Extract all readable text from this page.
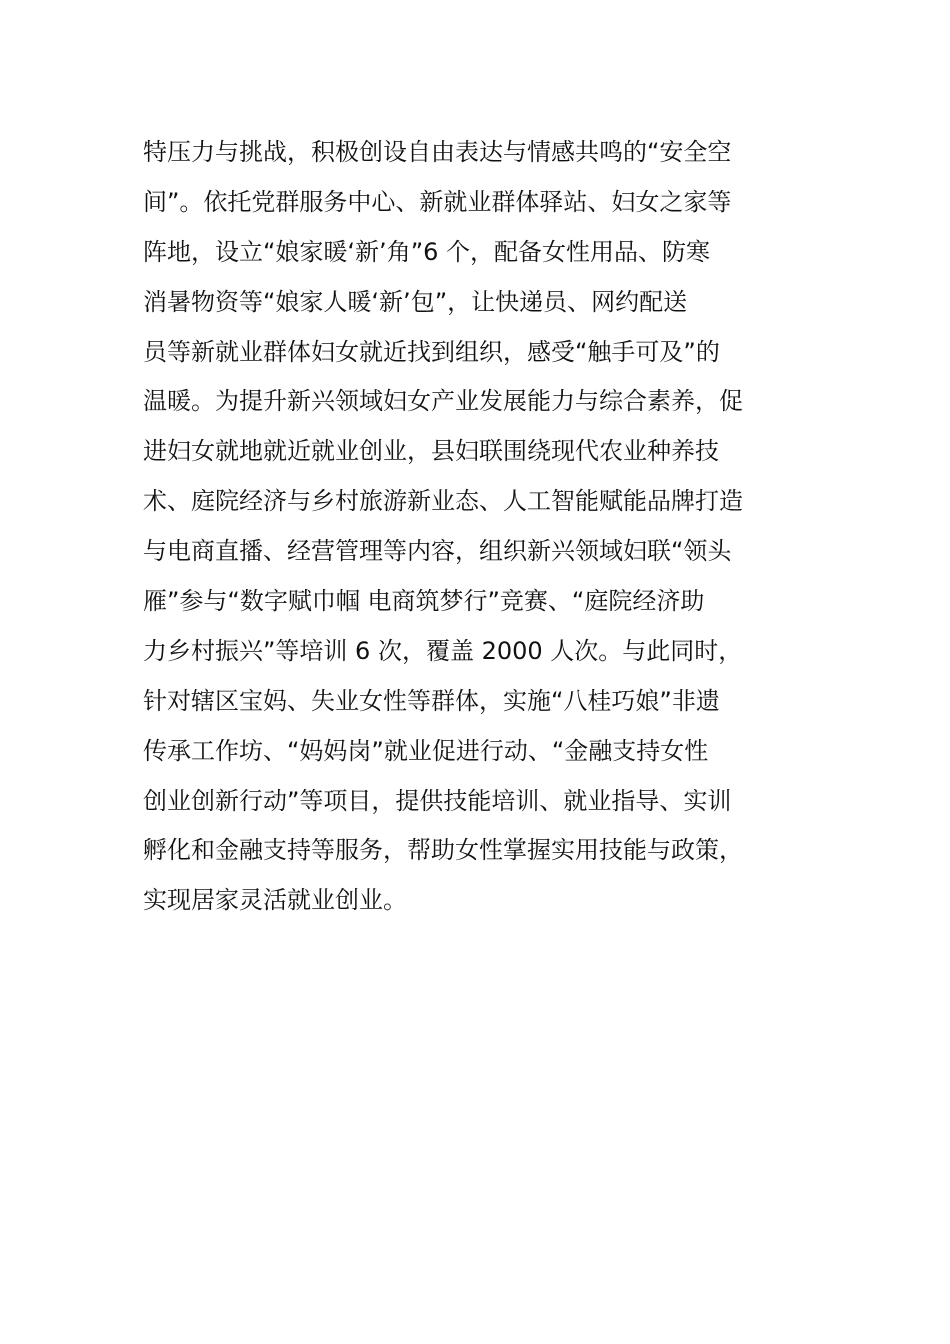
特压力与挑战，积极创设自由表达与情感共鸣的“安全空
间”。依托党群服务中心、新就业群体驿站、妇女之家等
阵地，设立“娘家暖‘新’角”6 个，配备女性用品、防寒
消暑物资等“娘家人暖‘新’包”，让快递员、网约配送
员等新就业群体妇女就近找到组织，感受“触手可及”的
温暖。为提升新兴领域妇女产业发展能力与综合素养，促
进妇女就地就近就业创业，县妇联围绕现代农业种养技
术、庭院经济与乡村旅游新业态、人工智能赋能品牌打造
与电商直播、经营管理等内容，组织新兴领域妇联“领头
雁”参与“数字赋巾帼 电商筑梦行”竞赛、“庭院经济助
力乡村振兴”等培训 6 次，覆盖 2000 人次。与此同时，
针对辖区宝妈、失业女性等群体，实施“八桂巧娘”非遗
传承工作坊、“妈妈岗”就业促进行动、“金融支持女性
创业创新行动”等项目，提供技能培训、就业指导、实训
孵化和金融支持等服务，帮助女性掌握实用技能与政策，
实现居家灵活就业创业。
